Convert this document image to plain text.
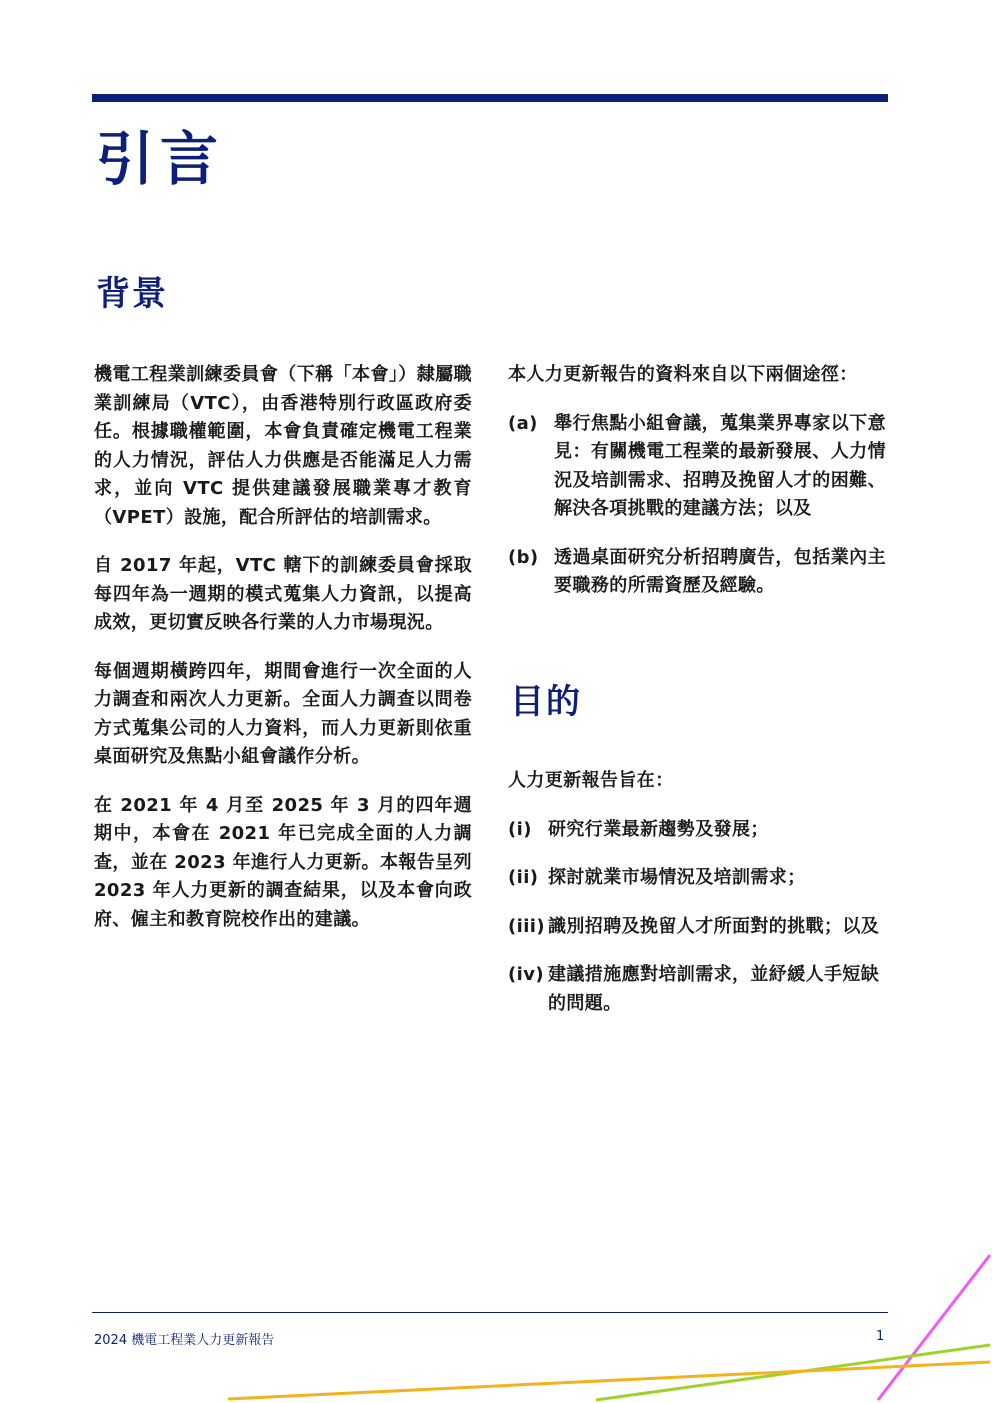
引言
背景

機電工程業訓練委員會（下稱「本會」）隸屬職業訓練局（VTC），由香港特別行政區政府委任。根據職權範圍，本會負責確定機電工程業的人力情況，評估人力供應是否能滿足人力需求，並向 VTC 提供建議發展職業專才教育（VPET）設施，配合所評估的培訓需求。

自 2017 年起，VTC 轄下的訓練委員會採取每四年為一週期的模式蒐集人力資訊，以提高成效，更切實反映各行業的人力市場現況。

每個週期橫跨四年，期間會進行一次全面的人力調查和兩次人力更新。全面人力調查以問卷方式蒐集公司的人力資料，而人力更新則依重桌面研究及焦點小組會議作分析。

在 2021 年 4 月至 2025 年 3 月的四年週期中，本會在 2021 年已完成全面的人力調查，並在 2023 年進行人力更新。本報告呈列 2023 年人力更新的調查結果，以及本會向政府、僱主和教育院校作出的建議。

本人力更新報告的資料來自以下兩個途徑：

(a) 舉行焦點小組會議，蒐集業界專家以下意見：有關機電工程業的最新發展、人力情況及培訓需求、招聘及挽留人才的困難、解決各項挑戰的建議方法；以及

(b) 透過桌面研究分析招聘廣告，包括業內主要職務的所需資歷及經驗。

目的

人力更新報告旨在：

(i) 研究行業最新趨勢及發展；
(ii) 探討就業市場情況及培訓需求；
(iii) 識別招聘及挽留人才所面對的挑戰；以及
(iv) 建議措施應對培訓需求，並紓緩人手短缺的問題。
2024 機電工程業人力更新報告	1
